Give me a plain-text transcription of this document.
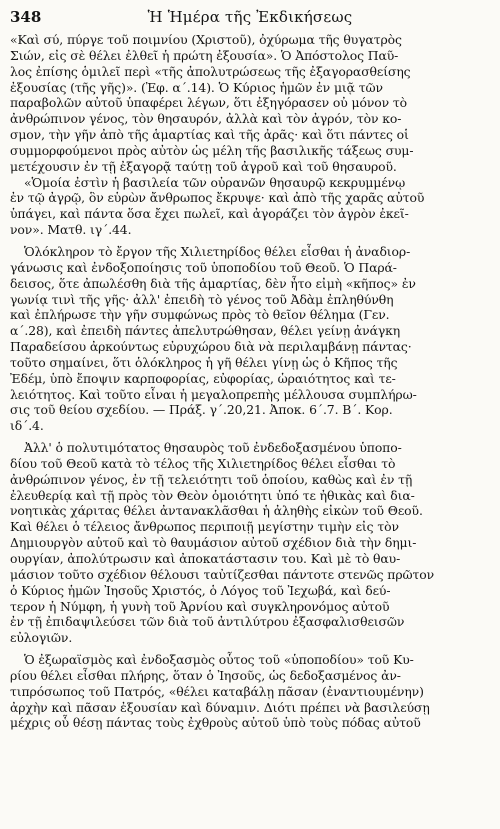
348	Ἡ Ἡμέρα τῆς Ἐκδικήσεως
«Καὶ σύ, πύργε τοῦ ποιμνίου (Χριστοῦ), ὀχύρωμα τῆς θυγατρὸς
Σιών, εἰς σὲ θέλει ἐλθεῖ ἡ πρώτη ἐξουσία». Ὁ Ἀπόστολος Παῦ-
λος ἐπίσης ὁμιλεῖ περὶ «τῆς ἀπολυτρώσεως τῆς ἐξαγορασθείσης
ἐξουσίας (τῆς γῆς)». (Ἐφ. α΄.14). Ὁ Κύριος ἡμῶν ἐν μιᾷ τῶν
παραβολῶν αὐτοῦ ὑπαφέρει λέγων, ὅτι ἐξηγόρασεν οὐ μόνον τὸ
ἀνθρώπινον γένος, τὸν θησαυρόν, ἀλλὰ καὶ τὸν ἀγρόν, τὸν κο-
σμον, τὴν γῆν ἀπὸ τῆς ἁμαρτίας καὶ τῆς ἀρᾶς· καὶ ὅτι πάντες οἱ
συμμορφούμενοι πρὸς αὐτὸν ὡς μέλη τῆς βασιλικῆς τάξεως συμ-
μετέχουσιν ἐν τῇ ἐξαγορᾷ ταύτῃ τοῦ ἀγροῦ καὶ τοῦ θησαυροῦ.
«Ὁμοία ἐστὶν ἡ βασιλεία τῶν οὐρανῶν θησαυρῷ κεκρυμμένῳ
ἐν τῷ ἀγρῷ, ὃν εὑρὼν ἄνθρωπος ἔκρυψε· καὶ ἀπὸ τῆς χαρᾶς αὐτοῦ
ὑπάγει, καὶ πάντα ὅσα ἔχει πωλεῖ, καὶ ἀγοράζει τὸν ἀγρὸν ἐκεῖ-
νον». Ματθ. ιγ΄.44.
Ὁλόκληρον τὸ ἔργον τῆς Χιλιετηρίδος θέλει εἶσθαι ἡ ἀναδιορ-
γάνωσις καὶ ἐνδοξοποίησις τοῦ ὑποποδίου τοῦ Θεοῦ. Ὁ Παρά-
δεισος, ὅτε ἀπωλέσθη διὰ τῆς ἁμαρτίας, δὲν ἦτο εἰμὴ «κῆπος» ἐν
γωνίᾳ τινὶ τῆς γῆς· ἀλλ' ἐπειδὴ τὸ γένος τοῦ Ἀδὰμ ἐπληθύνθη
καὶ ἐπλήρωσε τὴν γῆν συμφώνως πρὸς τὸ θεῖον θέλημα (Γεν.
α΄.28), καὶ ἐπειδὴ πάντες ἀπελυτρώθησαν, θέλει γείνῃ ἀνάγκη
Παραδείσου ἀρκούντως εὐρυχώρου διὰ νὰ περιλαμβάνῃ πάντας·
τοῦτο σημαίνει, ὅτι ὁλόκληρος ἡ γῆ θέλει γίνῃ ὡς ὁ Κῆπος τῆς
Ἐδέμ, ὑπὸ ἔποψιν καρποφορίας, εὐφορίας, ὡραιότητος καὶ τε-
λειότητος. Καὶ τοῦτο εἶναι ἡ μεγαλοπρεπὴς μέλλουσα συμπλήρω-
σις τοῦ θείου σχεδίου. — Πράξ. γ΄.20,21. Ἀποκ. 6΄.7. Β΄. Κορ.
ιδ΄.4.
Ἀλλ' ὁ πολυτιμότατος θησαυρὸς τοῦ ἐνδεδοξασμένου ὑποπο-
δίου τοῦ Θεοῦ κατὰ τὸ τέλος τῆς Χιλιετηρίδος θέλει εἶσθαι τὸ
ἀνθρώπινον γένος, ἐν τῇ τελειότητι τοῦ ὁποίου, καθὼς καὶ ἐν τῇ
ἐλευθερίᾳ καὶ τῇ πρὸς τὸν Θεὸν ὁμοιότητι ὑπό τε ἠθικὰς καὶ δια-
νοητικὰς χάριτας θέλει ἀντανακλᾶσθαι ἡ ἀληθὴς εἰκὼν τοῦ Θεοῦ.
Καὶ θέλει ὁ τέλειος ἄνθρωπος περιποιῇ μεγίστην τιμὴν εἰς τὸν
Δημιουργὸν αὐτοῦ καὶ τὸ θαυμάσιον αὐτοῦ σχέδιον διὰ τὴν δημι-
ουργίαν, ἀπολύτρωσιν καὶ ἀποκατάστασιν του. Καὶ μὲ τὸ θαυ-
μάσιον τοῦτο σχέδιον θέλουσι ταὐτίζεσθαι πάντοτε στενῶς πρῶτον
ὁ Κύριος ἡμῶν Ἰησοῦς Χριστός, ὁ Λόγος τοῦ Ἰεχωβά, καὶ δεύ-
τερον ἡ Νύμφη, ἡ γυνὴ τοῦ Ἀρνίου καὶ συγκληρονόμος αὐτοῦ
ἐν τῇ ἐπιδαψιλεύσει τῶν διὰ τοῦ ἀντιλύτρου ἐξασφαλισθεισῶν
εὐλογιῶν.
Ὁ ἐξωραϊσμὸς καὶ ἐνδοξασμὸς οὗτος τοῦ «ὑποποδίου» τοῦ Κυ-
ρίου θέλει εἶσθαι πλήρης, ὅταν ὁ Ἰησοῦς, ὡς δεδοξασμένος ἀν-
τιπρόσωπος τοῦ Πατρός, «θέλει καταβάλῃ πᾶσαν (ἐναντιουμένην)
ἀρχὴν καὶ πᾶσαν ἐξουσίαν καὶ δύναμιν. Διότι πρέπει νὰ βασιλεύσῃ
μέχρις οὗ θέσῃ πάντας τοὺς ἐχθροὺς αὐτοῦ ὑπὸ τοὺς πόδας αὐτοῦ
